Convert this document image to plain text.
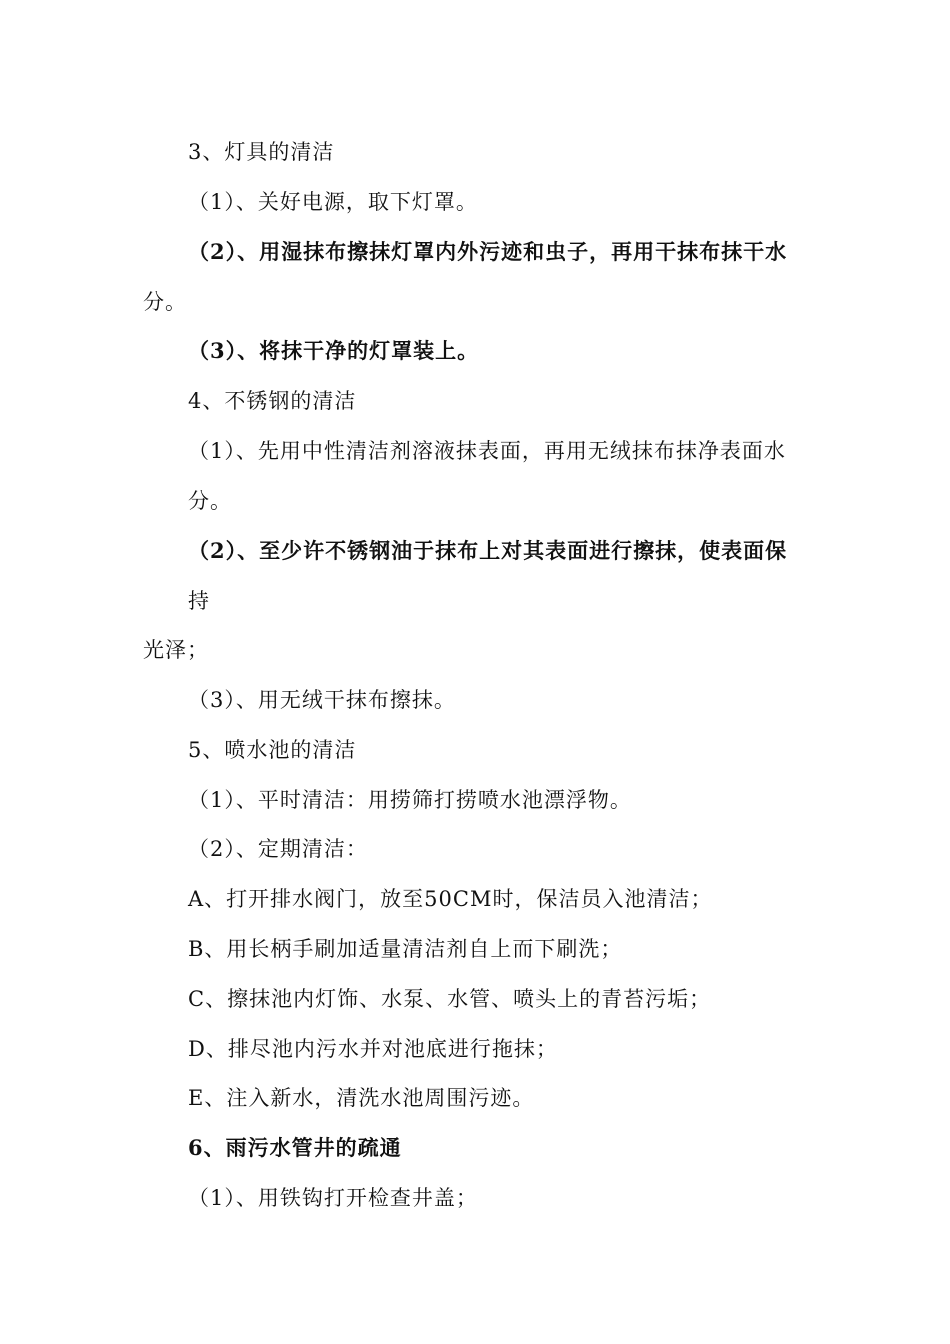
3、灯具的清洁
（1）、关好电源，取下灯罩。
（2）、用湿抹布擦抹灯罩内外污迹和虫子，再用干抹布抹干水
分。
（3）、将抹干净的灯罩装上。
4、不锈钢的清洁
（1）、先用中性清洁剂溶液抹表面，再用无绒抹布抹净表面水
分。
（2）、至少许不锈钢油于抹布上对其表面进行擦抹，使表面保
持
光泽；
（3）、用无绒干抹布擦抹。
5、喷水池的清洁
（1）、平时清洁：用捞筛打捞喷水池漂浮物。
（2）、定期清洁：
A、打开排水阀门，放至50CM时，保洁员入池清洁；
B、用长柄手刷加适量清洁剂自上而下刷洗；
C、擦抹池内灯饰、水泵、水管、喷头上的青苔污垢；
D、排尽池内污水并对池底进行拖抹；
E、注入新水，清洗水池周围污迹。
6、雨污水管井的疏通
（1）、用铁钩打开检查井盖；
